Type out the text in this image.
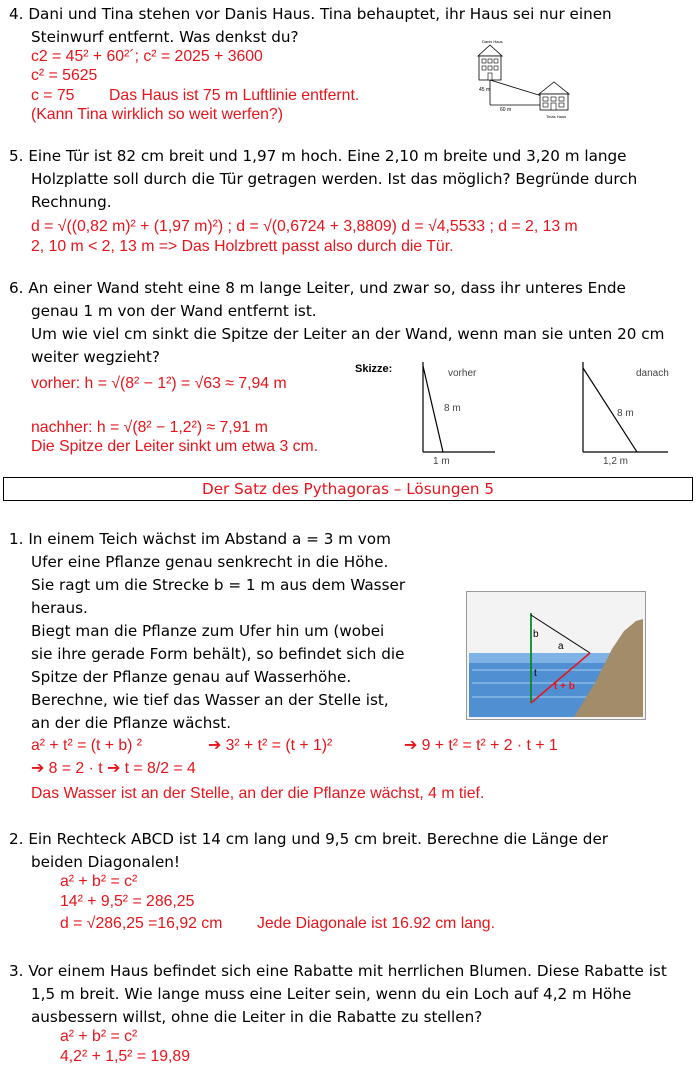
4. Dani und Tina stehen vor Danis Haus. Tina behauptet, ihr Haus sei nur einen
Steinwurf entfernt. Was denkst du?
c2 = 45² + 60²´; c² = 2025 + 3600
c² = 5625
c = 75 Das Haus ist 75 m Luftlinie entfernt.
(Kann Tina wirklich so weit werfen?)
Danis Haus
45 m
60 m
Tinas Haus
5. Eine Tür ist 82 cm breit und 1,97 m hoch. Eine 2,10 m breite und 3,20 m lange
Holzplatte soll durch die Tür getragen werden. Ist das möglich? Begründe durch
Rechnung.
d = √((0,82 m)² + (1,97 m)²) ; d = √(0,6724 + 3,8809) d = √4,5533 ; d = 2, 13 m
2, 10 m < 2, 13 m => Das Holzbrett passt also durch die Tür.
6. An einer Wand steht eine 8 m lange Leiter, und zwar so, dass ihr unteres Ende
genau 1 m von der Wand entfernt ist.
Um wie viel cm sinkt die Spitze der Leiter an der Wand, wenn man sie unten 20 cm
weiter wegzieht?
vorher: h = √(8² − 1²) = √63 ≈ 7,94 m
nachher: h = √(8² − 1,2²) ≈ 7,91 m
Die Spitze der Leiter sinkt um etwa 3 cm.
Skizze:	vorher
8 m
1 m
danach
8 m
1,2 m
Der Satz des Pythagoras – Lösungen 5
1. In einem Teich wächst im Abstand a = 3 m vom
Ufer eine Pflanze genau senkrecht in die Höhe.
Sie ragt um die Strecke b = 1 m aus dem Wasser
heraus.
Biegt man die Pflanze zum Ufer hin um (wobei
sie ihre gerade Form behält), so befindet sich die
Spitze der Pflanze genau auf Wasserhöhe.
Berechne, wie tief das Wasser an der Stelle ist,
an der die Pflanze wächst.
b
a
t
t + b
a² + t² = (t + b) ²	➔ 3² + t² = (t + 1)²	➔ 9 + t² = t² + 2 · t + 1
➔ 8 = 2 · t ➔ t = 8/2 = 4
Das Wasser ist an der Stelle, an der die Pflanze wächst, 4 m tief.
2. Ein Rechteck ABCD ist 14 cm lang und 9,5 cm breit. Berechne die Länge der
beiden Diagonalen!
a² + b² = c²
14² + 9,5² = 286,25
d = √286,25 =16,92 cm Jede Diagonale ist 16.92 cm lang.
3. Vor einem Haus befindet sich eine Rabatte mit herrlichen Blumen. Diese Rabatte ist
1,5 m breit. Wie lange muss eine Leiter sein, wenn du ein Loch auf 4,2 m Höhe
ausbessern willst, ohne die Leiter in die Rabatte zu stellen?
a² + b² = c²
4,2² + 1,5² = 19,89
